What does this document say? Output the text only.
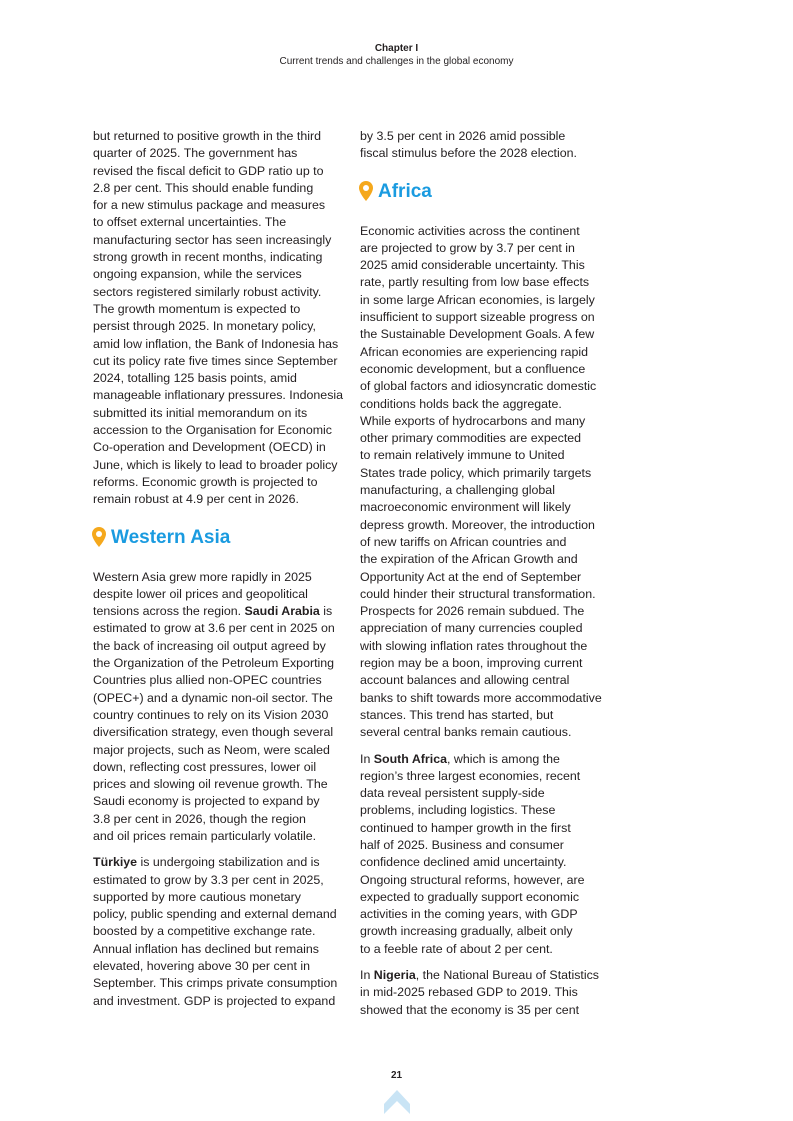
Chapter I
Current trends and challenges in the global economy

but returned to positive growth in the third
quarter of 2025. The government has
revised the fiscal deficit to GDP ratio up to
2.8 per cent. This should enable funding
for a new stimulus package and measures
to offset external uncertainties. The
manufacturing sector has seen increasingly
strong growth in recent months, indicating
ongoing expansion, while the services
sectors registered similarly robust activity.
The growth momentum is expected to
persist through 2025. In monetary policy,
amid low inflation, the Bank of Indonesia has
cut its policy rate five times since September
2024, totalling 125 basis points, amid
manageable inflationary pressures. Indonesia
submitted its initial memorandum on its
accession to the Organisation for Economic
Co-operation and Development (OECD) in
June, which is likely to lead to broader policy
reforms. Economic growth is projected to
remain robust at 4.9 per cent in 2026.

Western Asia

Western Asia grew more rapidly in 2025
despite lower oil prices and geopolitical
tensions across the region. Saudi Arabia is
estimated to grow at 3.6 per cent in 2025 on
the back of increasing oil output agreed by
the Organization of the Petroleum Exporting
Countries plus allied non-OPEC countries
(OPEC+) and a dynamic non-oil sector. The
country continues to rely on its Vision 2030
diversification strategy, even though several
major projects, such as Neom, were scaled
down, reflecting cost pressures, lower oil
prices and slowing oil revenue growth. The
Saudi economy is projected to expand by
3.8 per cent in 2026, though the region
and oil prices remain particularly volatile.

Türkiye is undergoing stabilization and is
estimated to grow by 3.3 per cent in 2025,
supported by more cautious monetary
policy, public spending and external demand
boosted by a competitive exchange rate.
Annual inflation has declined but remains
elevated, hovering above 30 per cent in
September. This crimps private consumption
and investment. GDP is projected to expand

by 3.5 per cent in 2026 amid possible
fiscal stimulus before the 2028 election.

Africa

Economic activities across the continent
are projected to grow by 3.7 per cent in
2025 amid considerable uncertainty. This
rate, partly resulting from low base effects
in some large African economies, is largely
insufficient to support sizeable progress on
the Sustainable Development Goals. A few
African economies are experiencing rapid
economic development, but a confluence
of global factors and idiosyncratic domestic
conditions holds back the aggregate.
While exports of hydrocarbons and many
other primary commodities are expected
to remain relatively immune to United
States trade policy, which primarily targets
manufacturing, a challenging global
macroeconomic environment will likely
depress growth. Moreover, the introduction
of new tariffs on African countries and
the expiration of the African Growth and
Opportunity Act at the end of September
could hinder their structural transformation.
Prospects for 2026 remain subdued. The
appreciation of many currencies coupled
with slowing inflation rates throughout the
region may be a boon, improving current
account balances and allowing central
banks to shift towards more accommodative
stances. This trend has started, but
several central banks remain cautious.

In South Africa, which is among the
region’s three largest economies, recent
data reveal persistent supply-side
problems, including logistics. These
continued to hamper growth in the first
half of 2025. Business and consumer
confidence declined amid uncertainty.
Ongoing structural reforms, however, are
expected to gradually support economic
activities in the coming years, with GDP
growth increasing gradually, albeit only
to a feeble rate of about 2 per cent.

In Nigeria, the National Bureau of Statistics
in mid-2025 rebased GDP to 2019. This
showed that the economy is 35 per cent

21
